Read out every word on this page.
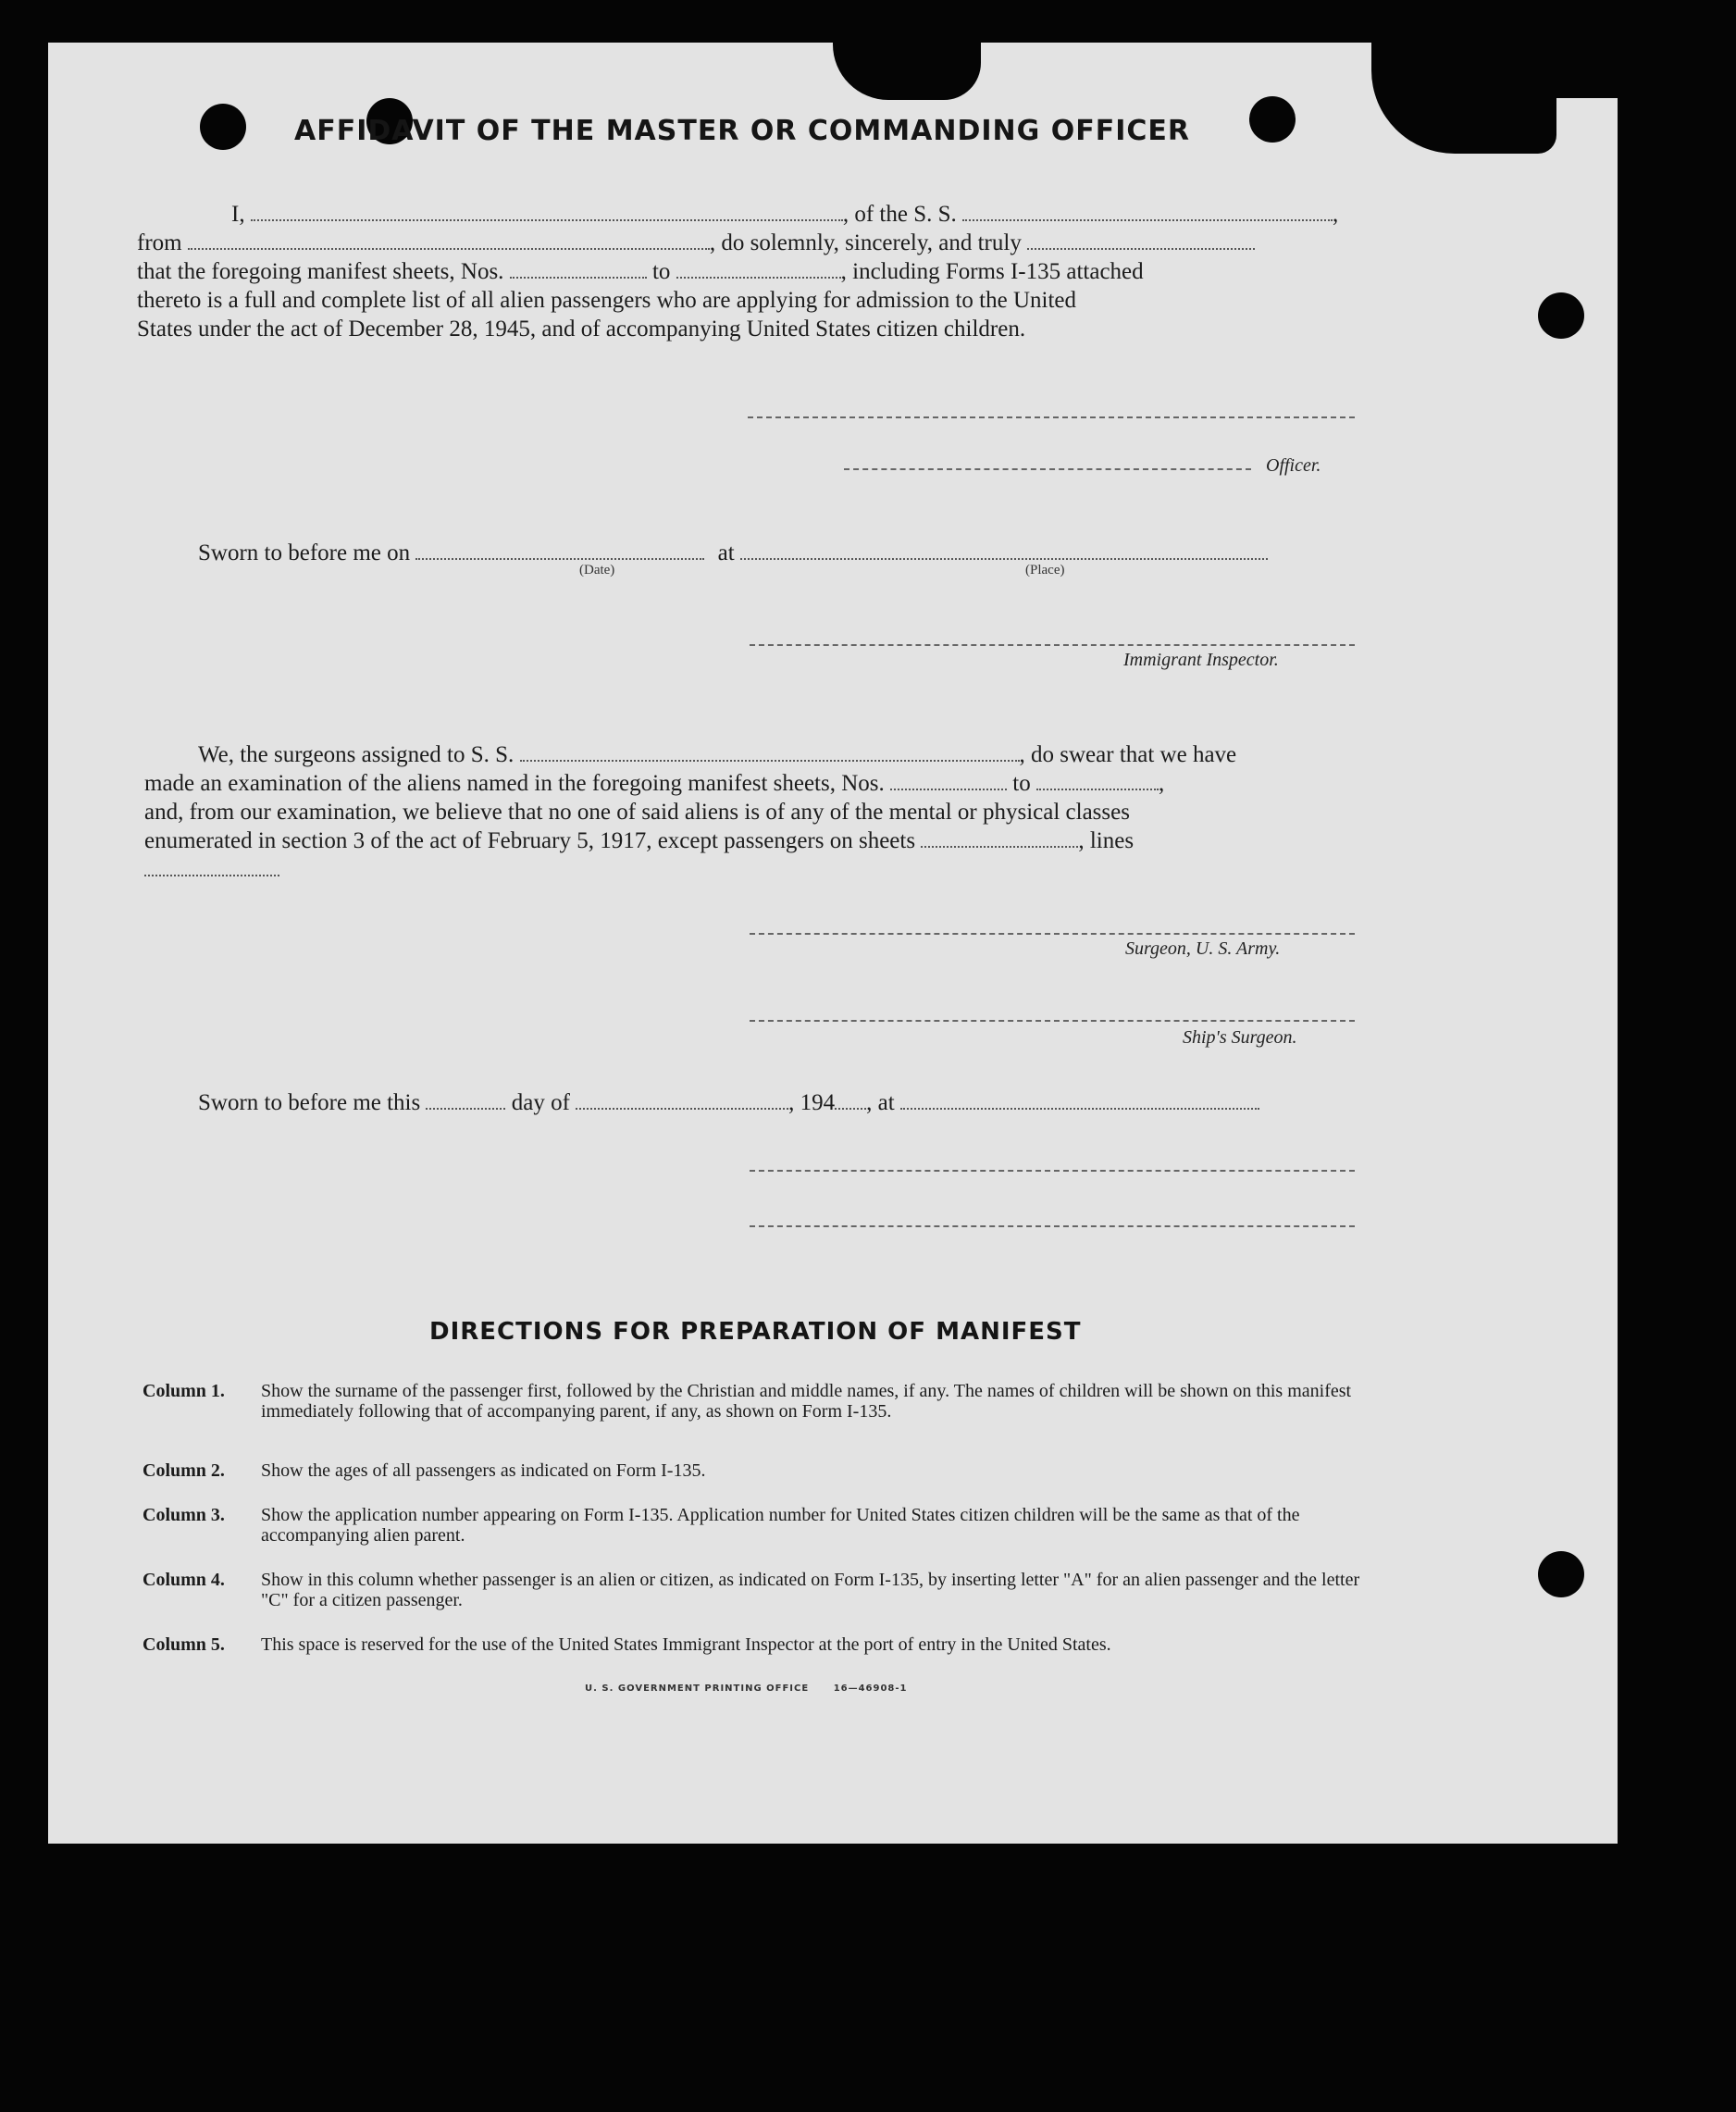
AFFIDAVIT OF THE MASTER OR COMMANDING OFFICER
I,	, of the S. S.	,
from	, do solemnly, sincerely, and truly
that the foregoing manifest sheets, Nos.	to	, including Forms I-135 attached
thereto is a full and complete list of all alien passengers who are applying for admission to the United
States under the act of December 28, 1945, and of accompanying United States citizen children.
Officer.
Sworn to before me on	at
(Date)	(Place)
Immigrant Inspector.
We, the surgeons assigned to S. S.	, do swear that we have
made an examination of the aliens named in the foregoing manifest sheets, Nos.	to	,
and, from our examination, we believe that no one of said aliens is of any of the mental or physical classes
enumerated in section 3 of the act of February 5, 1917, except passengers on sheets	, lines
Surgeon, U. S. Army.
Ship's Surgeon.
Sworn to before me this	day of	, 194 , at
DIRECTIONS FOR PREPARATION OF MANIFEST
Column 1. Show the surname of the passenger first, followed by the Christian and middle names, if any. The names of children will be shown on this manifest immediately following that of accompanying parent, if any, as shown on Form I-135.
Column 2. Show the ages of all passengers as indicated on Form I-135.
Column 3. Show the application number appearing on Form I-135. Application number for United States citizen children will be the same as that of the accompanying alien parent.
Column 4. Show in this column whether passenger is an alien or citizen, as indicated on Form I-135, by inserting letter "A" for an alien passenger and the letter "C" for a citizen passenger.
Column 5. This space is reserved for the use of the United States Immigrant Inspector at the port of entry in the United States.
U. S. GOVERNMENT PRINTING OFFICE	16—46908-1
